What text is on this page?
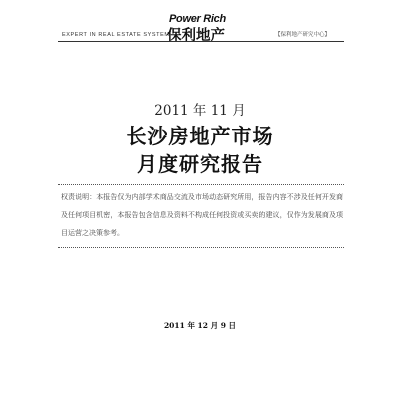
EXPERT IN REAL ESTATE SYSTEM
Power Rich
保利地产	【保利地产研究中心】
2011 年 11 月
长沙房地产市场
月度研究报告
权责说明：本报告仅为内部学术商品交流及市场动态研究所用，报告内容不涉及任何开发商及任何项目机密，本报告包含信息及资料不构成任何投资或买卖的建议，仅作为发展商及项目运营之决策参考。
2011 年 12 月 9 日
